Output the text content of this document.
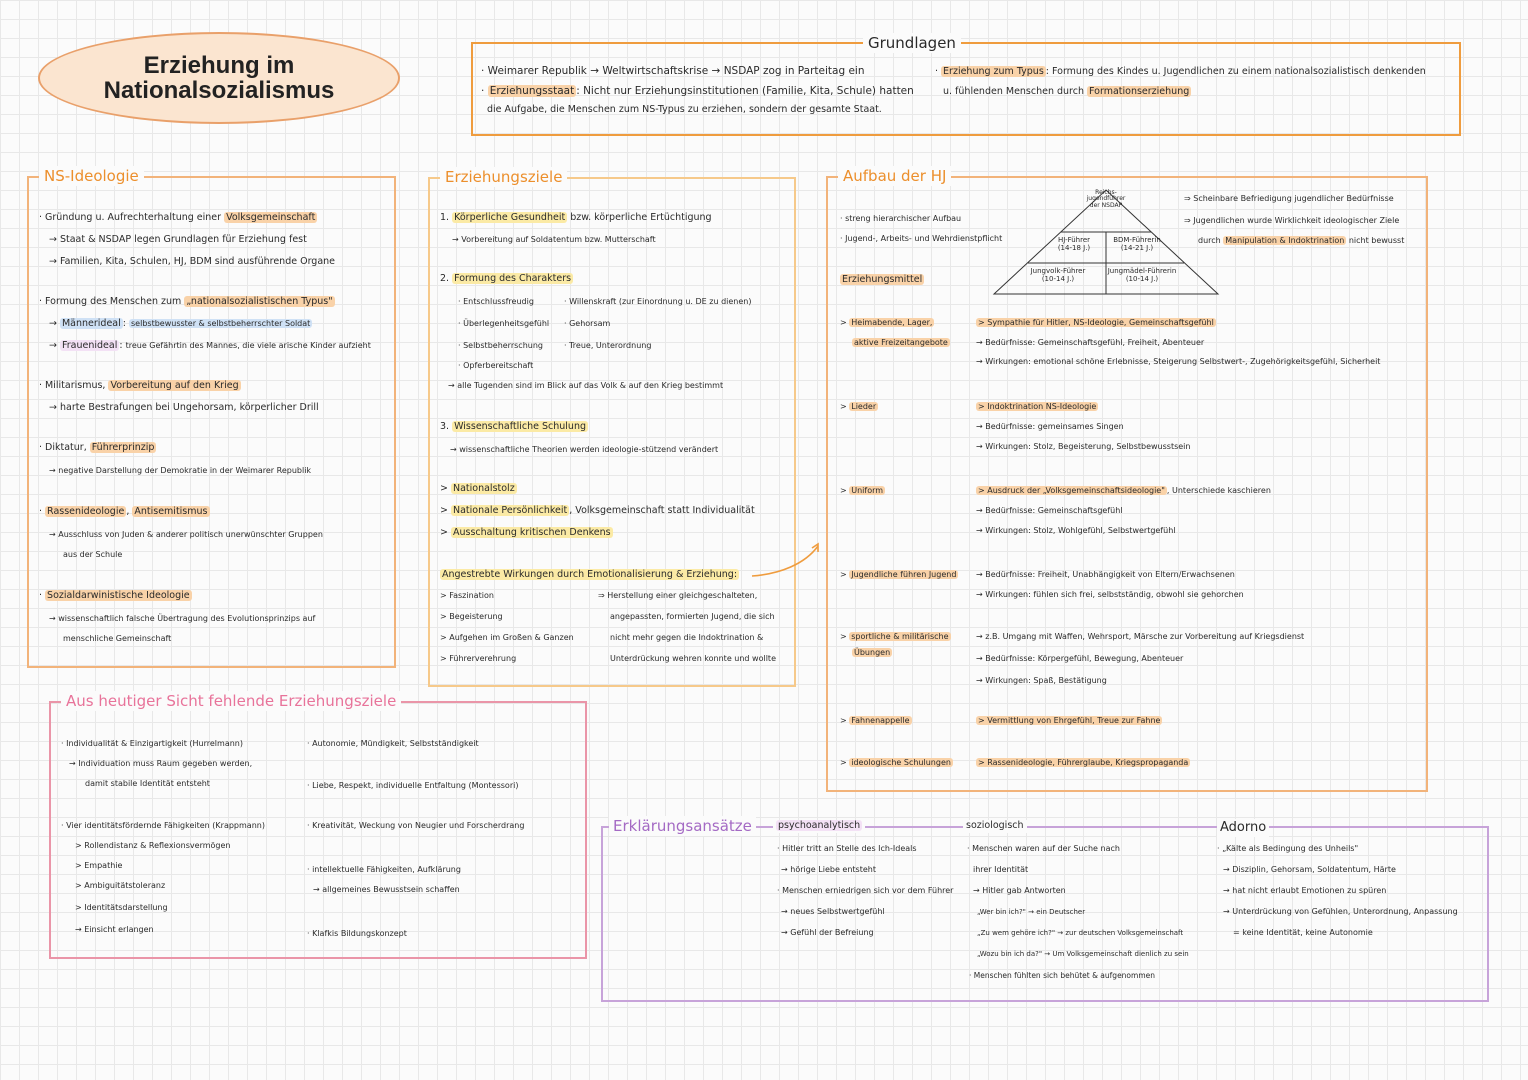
Erziehung im
Nationalsozialismus
Grundlagen
· Weimarer Republik → Weltwirtschaftskrise → NSDAP zog in Parteitag ein
· Erziehungsstaat : Nicht nur Erziehungsinstitutionen (Familie, Kita, Schule) hatten
die Aufgabe, die Menschen zum NS-Typus zu erziehen, sondern der gesamte Staat.
· Erziehung zum Typus : Formung des Kindes u. Jugendlichen zu einem nationalsozialistisch denkenden
u. fühlenden Menschen durch Formationserziehung
NS-Ideologie
· Gründung u. Aufrechterhaltung einer Volksgemeinschaft
→ Staat & NSDAP legen Grundlagen für Erziehung fest
→ Familien, Kita, Schulen, HJ, BDM sind ausführende Organe
· Formung des Menschen zum „nationalsozialistischen Typus"
→ Männerideal : selbstbewusster & selbstbeherrschter Soldat
→ Frauenideal : treue Gefährtin des Mannes, die viele arische Kinder aufzieht
· Militarismus, Vorbereitung auf den Krieg
→ harte Bestrafungen bei Ungehorsam, körperlicher Drill
· Diktatur, Führerprinzip
→ negative Darstellung der Demokratie in der Weimarer Republik
· Rassenideologie , Antisemitismus
→ Ausschluss von Juden & anderer politisch unerwünschter Gruppen
aus der Schule
· Sozialdarwinistische Ideologie
→ wissenschaftlich falsche Übertragung des Evolutionsprinzips auf
menschliche Gemeinschaft
Erziehungsziele
1. Körperliche Gesundheit bzw. körperliche Ertüchtigung
→ Vorbereitung auf Soldatentum bzw. Mutterschaft
2. Formung des Charakters
· Entschlussfreudig
· Überlegenheitsgefühl
· Selbstbeherrschung
· Opferbereitschaft
· Willenskraft (zur Einordnung u. DE zu dienen)
· Gehorsam
· Treue, Unterordnung
→ alle Tugenden sind im Blick auf das Volk & auf den Krieg bestimmt
3. Wissenschaftliche Schulung
→ wissenschaftliche Theorien werden ideologie-stützend verändert
> Nationalstolz
> Nationale Persönlichkeit , Volksgemeinschaft statt Individualität
> Ausschaltung kritischen Denkens
Angestrebte Wirkungen durch Emotionalisierung & Erziehung:
> Faszination
> Begeisterung
> Aufgehen im Großen & Ganzen
> Führerverehrung
⇒ Herstellung einer gleichgeschalteten,
angepassten, formierten Jugend, die sich
nicht mehr gegen die Indoktrination &
Unterdrückung wehren konnte und wollte
Aufbau der HJ
· streng hierarchischer Aufbau
· Jugend-, Arbeits- und Wehrdienstpflicht
Reichs-
jugendführer
der NSDAP
HJ-Führer
(14-18 J.)
BDM-Führerin
(14-21 J.)
Jungvolk-Führer
(10-14 J.)
Jungmädel-Führerin
(10-14 J.)
⇒ Scheinbare Befriedigung jugendlicher Bedürfnisse
⇒ Jugendlichen wurde Wirklichkeit ideologischer Ziele
durch Manipulation & Indoktrination nicht bewusst
Erziehungsmittel
> Heimabende, Lager,
aktive Freizeitangebote
> Sympathie für Hitler, NS-Ideologie, Gemeinschaftsgefühl
→ Bedürfnisse: Gemeinschaftsgefühl, Freiheit, Abenteuer
→ Wirkungen: emotional schöne Erlebnisse, Steigerung Selbstwert-, Zugehörigkeitsgefühl, Sicherheit
> Lieder	> Indoktrination NS-Ideologie
→ Bedürfnisse: gemeinsames Singen
→ Wirkungen: Stolz, Begeisterung, Selbstbewusstsein
> Uniform	> Ausdruck der „Volksgemeinschaftsideologie" , Unterschiede kaschieren
→ Bedürfnisse: Gemeinschaftsgefühl
→ Wirkungen: Stolz, Wohlgefühl, Selbstwertgefühl
> Jugendliche führen Jugend → Bedürfnisse: Freiheit, Unabhängigkeit von Eltern/Erwachsenen
→ Wirkungen: fühlen sich frei, selbstständig, obwohl sie gehorchen
> sportliche & militärische
Übungen
→ z.B. Umgang mit Waffen, Wehrsport, Märsche zur Vorbereitung auf Kriegsdienst
→ Bedürfnisse: Körpergefühl, Bewegung, Abenteuer
→ Wirkungen: Spaß, Bestätigung
> Fahnenappelle	> Vermittlung von Ehrgefühl, Treue zur Fahne
> ideologische Schulungen	> Rassenideologie, Führerglaube, Kriegspropaganda
Aus heutiger Sicht fehlende Erziehungsziele
· Individualität & Einzigartigkeit (Hurrelmann)
→ Individuation muss Raum gegeben werden,
damit stabile Identität entsteht
· Vier identitätsfördernde Fähigkeiten (Krappmann)
> Rollendistanz & Reflexionsvermögen
> Empathie
> Ambiguitätstoleranz
> Identitätsdarstellung
→ Einsicht erlangen
· Autonomie, Mündigkeit, Selbstständigkeit
· Liebe, Respekt, individuelle Entfaltung (Montessori)
· Kreativität, Weckung von Neugier und Forscherdrang
· intellektuelle Fähigkeiten, Aufklärung
→ allgemeines Bewusstsein schaffen
· Klafkis Bildungskonzept
Erklärungsansätze	psychoanalytisch
· Hitler tritt an Stelle des Ich-Ideals
→ hörige Liebe entsteht
· Menschen erniedrigen sich vor dem Führer
→ neues Selbstwertgefühl
→ Gefühl der Befreiung
soziologisch
· Menschen waren auf der Suche nach
ihrer Identität
→ Hitler gab Antworten
„Wer bin ich?" → ein Deutscher
„Zu wem gehöre ich?" → zur deutschen Volksgemeinschaft
„Wozu bin ich da?" → Um Volksgemeinschaft dienlich zu sein
· Menschen fühlten sich behütet & aufgenommen
Adorno
· „Kälte als Bedingung des Unheils"
→ Disziplin, Gehorsam, Soldatentum, Härte
→ hat nicht erlaubt Emotionen zu spüren
→ Unterdrückung von Gefühlen, Unterordnung, Anpassung
= keine Identität, keine Autonomie
